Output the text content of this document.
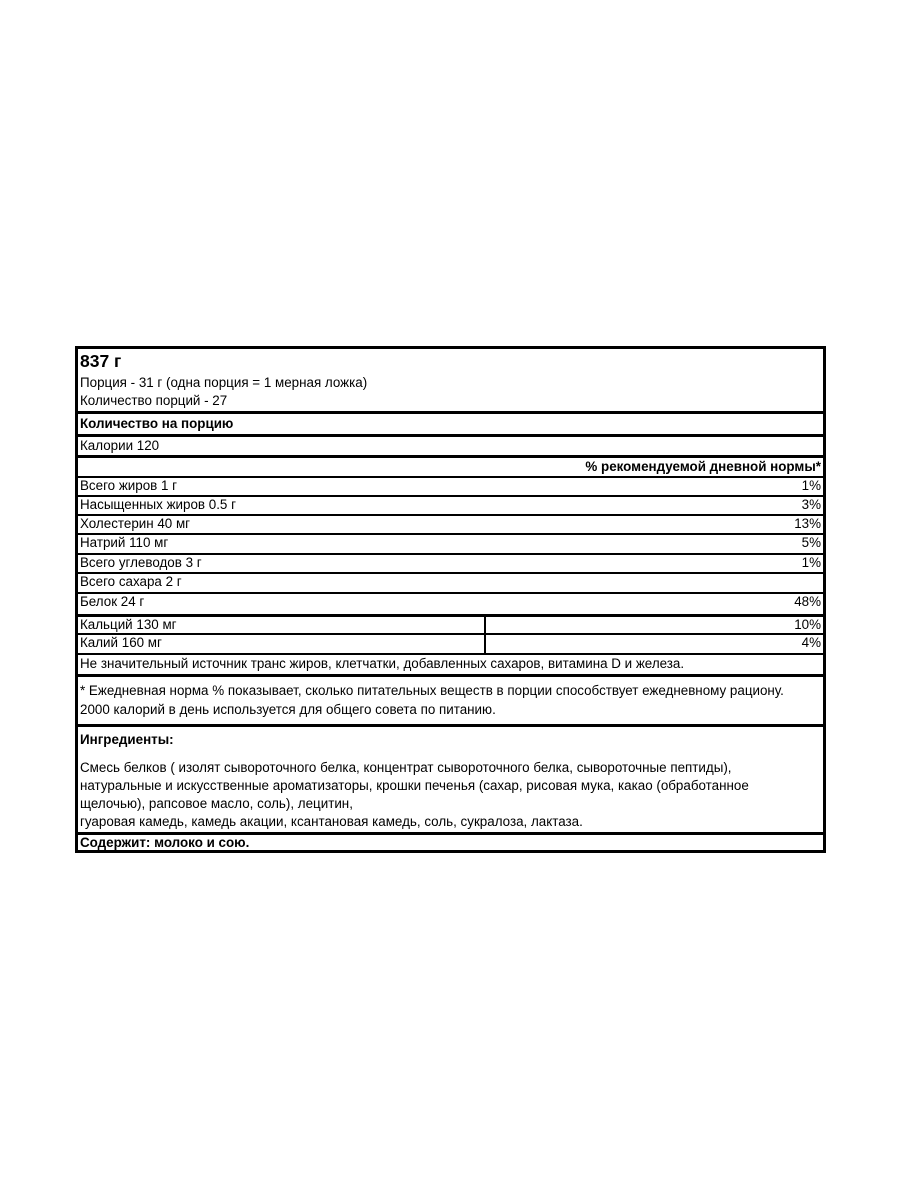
837 г
Порция - 31 г (одна порция = 1 мерная ложка)
Количество порций - 27
Количество на порцию
Калории 120
% рекомендуемой дневной нормы*
Всего жиров 1 г	1%
Насыщенных жиров 0.5 г	3%
Холестерин 40 мг	13%
Натрий 110 мг	5%
Всего углеводов 3 г	1%
Всего сахара 2 г
Белок 24 г	48%
Кальций 130 мг	10%
Калий 160 мг	4%
Не значительный источник транс жиров, клетчатки, добавленных сахаров, витамина D и железа.
* Ежедневная норма % показывает, сколько питательных веществ в порции способствует ежедневному рациону. 2000 калорий в день используется для общего совета по питанию.
Ингредиенты:
Смесь белков ( изолят сывороточного белка, концентрат сывороточного белка, сывороточные пептиды),
натуральные и искусственные ароматизаторы, крошки печенья (сахар, рисовая мука, какао (обработанное
щелочью), рапсовое масло, соль), лецитин,
гуаровая камедь, камедь акации, ксантановая камедь, соль, сукралоза, лактаза.
Содержит: молоко и сою.
